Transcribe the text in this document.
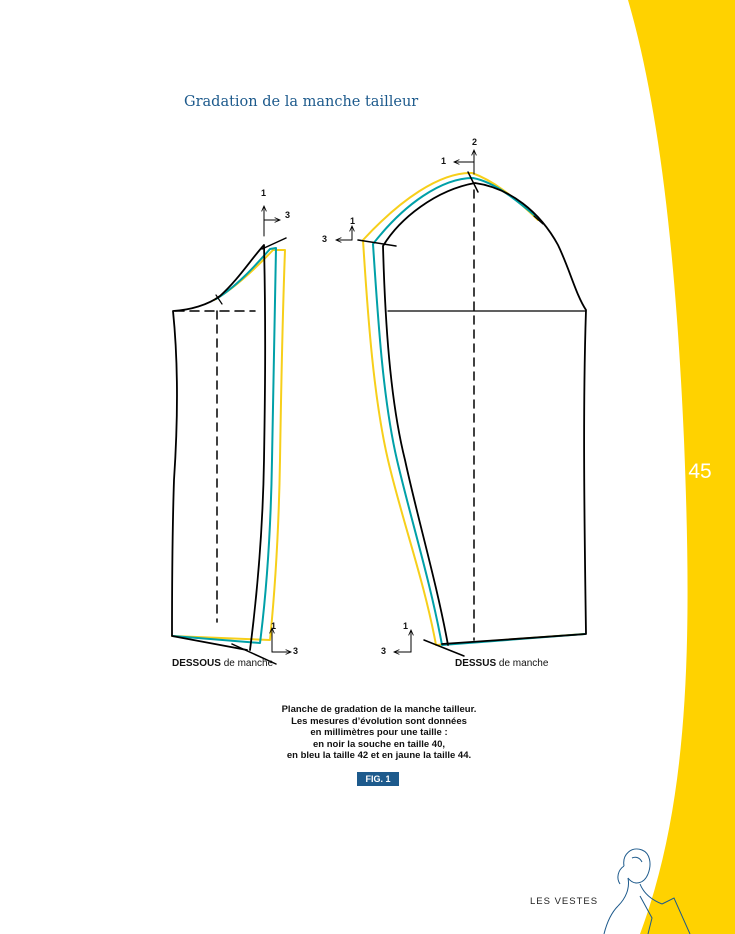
45
Gradation de la manche tailleur
1
3
1
3
2
1
1
3
1
3
DESSOUS de manche	DESSUS de manche
Planche de gradation de la manche tailleur.
Les mesures d’évolution sont données
en millimètres pour une taille :
en noir la souche en taille 40,
en bleu la taille 42 et en jaune la taille 44.
FIG. 1
LES VESTES
